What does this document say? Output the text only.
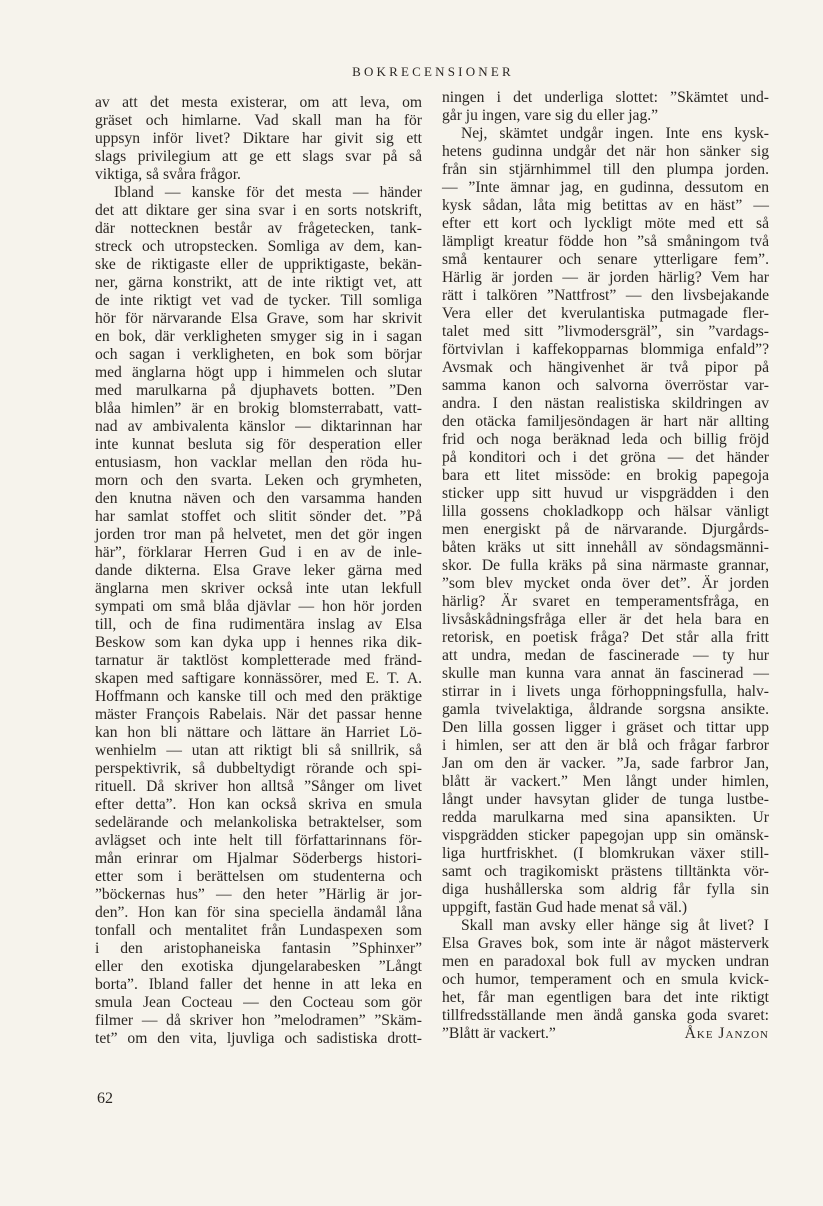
BOKRECENSIONER
av att det mesta existerar, om att leva, om
gräset och himlarne. Vad skall man ha för
uppsyn inför livet? Diktare har givit sig ett
slags privilegium att ge ett slags svar på så
viktiga, så svåra frågor.
Ibland — kanske för det mesta — händer
det att diktare ger sina svar i en sorts notskrift,
där nottecknen består av frågetecken, tank-
streck och utropstecken. Somliga av dem, kan-
ske de riktigaste eller de uppriktigaste, bekän-
ner, gärna konstrikt, att de inte riktigt vet, att
de inte riktigt vet vad de tycker. Till somliga
hör för närvarande Elsa Grave, som har skrivit
en bok, där verkligheten smyger sig in i sagan
och sagan i verkligheten, en bok som börjar
med änglarna högt upp i himmelen och slutar
med marulkarna på djuphavets botten. ”Den
blåa himlen” är en brokig blomsterrabatt, vatt-
nad av ambivalenta känslor — diktarinnan har
inte kunnat besluta sig för desperation eller
entusiasm, hon vacklar mellan den röda hu-
morn och den svarta. Leken och grymheten,
den knutna näven och den varsamma handen
har samlat stoffet och slitit sönder det. ”På
jorden tror man på helvetet, men det gör ingen
här”, förklarar Herren Gud i en av de inle-
dande dikterna. Elsa Grave leker gärna med
änglarna men skriver också inte utan lekfull
sympati om små blåa djävlar — hon hör jorden
till, och de fina rudimentära inslag av Elsa
Beskow som kan dyka upp i hennes rika dik-
tarnatur är taktlöst kompletterade med fränd-
skapen med saftigare konnässörer, med E. T. A.
Hoffmann och kanske till och med den präktige
mäster François Rabelais. När det passar henne
kan hon bli nättare och lättare än Harriet Lö-
wenhielm — utan att riktigt bli så snillrik, så
perspektivrik, så dubbeltydigt rörande och spi-
rituell. Då skriver hon alltså ”Sånger om livet
efter detta”. Hon kan också skriva en smula
sedelärande och melankoliska betraktelser, som
avlägset och inte helt till författarinnans för-
mån erinrar om Hjalmar Söderbergs histori-
etter som i berättelsen om studenterna och
”böckernas hus” — den heter ”Härlig är jor-
den”. Hon kan för sina speciella ändamål låna
tonfall och mentalitet från Lundaspexen som
i den aristophaneiska fantasin ”Sphinxer”
eller den exotiska djungelarabesken ”Långt
borta”. Ibland faller det henne in att leka en
smula Jean Cocteau — den Cocteau som gör
filmer — då skriver hon ”melodramen” ”Skäm-
tet” om den vita, ljuvliga och sadistiska drott-
ningen i det underliga slottet: ”Skämtet und-
går ju ingen, vare sig du eller jag.”
Nej, skämtet undgår ingen. Inte ens kysk-
hetens gudinna undgår det när hon sänker sig
från sin stjärnhimmel till den plumpa jorden.
— ”Inte ämnar jag, en gudinna, dessutom en
kysk sådan, låta mig betittas av en häst” —
efter ett kort och lyckligt möte med ett så
lämpligt kreatur födde hon ”så småningom två
små kentaurer och senare ytterligare fem”.
Härlig är jorden — är jorden härlig? Vem har
rätt i talkören ”Nattfrost” — den livsbejakande
Vera eller det kverulantiska putmagade fler-
talet med sitt ”livmodersgräl”, sin ”vardags-
förtvivlan i kaffekopparnas blommiga enfald”?
Avsmak och hängivenhet är två pipor på
samma kanon och salvorna överröstar var-
andra. I den nästan realistiska skildringen av
den otäcka familjesöndagen är hart när allting
frid och noga beräknad leda och billig fröjd
på konditori och i det gröna — det händer
bara ett litet missöde: en brokig papegoja
sticker upp sitt huvud ur vispgrädden i den
lilla gossens chokladkopp och hälsar vänligt
men energiskt på de närvarande. Djurgårds-
båten kräks ut sitt innehåll av söndagsmänni-
skor. De fulla kräks på sina närmaste grannar,
”som blev mycket onda över det”. Är jorden
härlig? Är svaret en temperamentsfråga, en
livsåskådningsfråga eller är det hela bara en
retorisk, en poetisk fråga? Det står alla fritt
att undra, medan de fascinerade — ty hur
skulle man kunna vara annat än fascinerad —
stirrar in i livets unga förhoppningsfulla, halv-
gamla tvivelaktiga, åldrande sorgsna ansikte.
Den lilla gossen ligger i gräset och tittar upp
i himlen, ser att den är blå och frågar farbror
Jan om den är vacker. ”Ja, sade farbror Jan,
blått är vackert.” Men långt under himlen,
långt under havsytan glider de tunga lustbe-
redda marulkarna med sina apansikten. Ur
vispgrädden sticker papegojan upp sin omänsk-
liga hurtfriskhet. (I blomkrukan växer still-
samt och tragikomiskt prästens tilltänkta vör-
diga hushållerska som aldrig får fylla sin
uppgift, fastän Gud hade menat så väl.)
Skall man avsky eller hänge sig åt livet? I
Elsa Graves bok, som inte är något mästerverk
men en paradoxal bok full av mycken undran
och humor, temperament och en smula kvick-
het, får man egentligen bara det inte riktigt
tillfredsställande men ändå ganska goda svaret:
”Blått är vackert.”	Åke Janzon
62
